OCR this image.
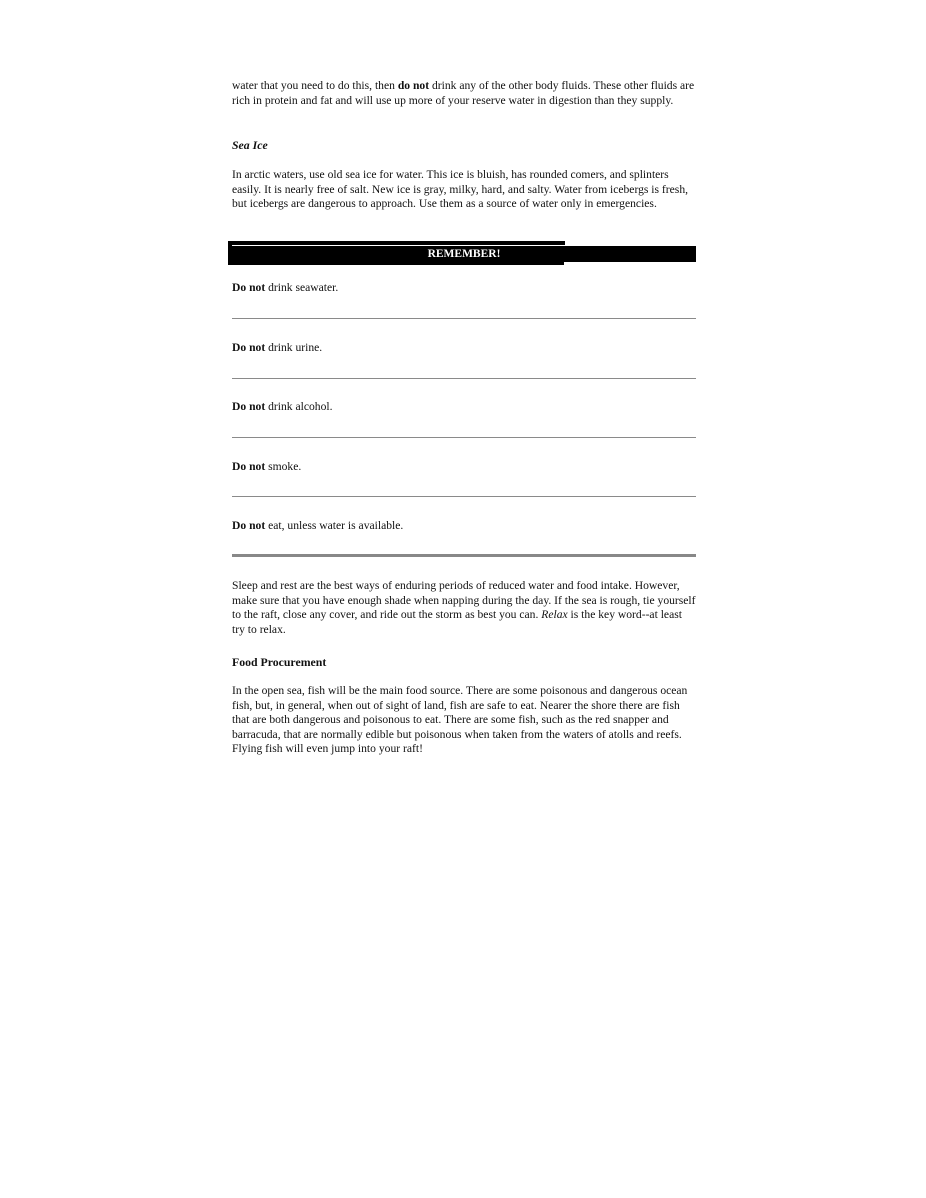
water that you need to do this, then do not drink any of the other body fluids. These other fluids are rich in protein and fat and will use up more of your reserve water in digestion than they supply.

Sea Ice

In arctic waters, use old sea ice for water. This ice is bluish, has rounded comers, and splinters easily. It is nearly free of salt. New ice is gray, milky, hard, and salty. Water from icebergs is fresh, but icebergs are dangerous to approach. Use them as a source of water only in emergencies.

REMEMBER!
Do not drink seawater.
Do not drink urine.
Do not drink alcohol.
Do not smoke.
Do not eat, unless water is available.

Sleep and rest are the best ways of enduring periods of reduced water and food intake. However, make sure that you have enough shade when napping during the day. If the sea is rough, tie yourself to the raft, close any cover, and ride out the storm as best you can. Relax is the key word--at least try to relax.

Food Procurement

In the open sea, fish will be the main food source. There are some poisonous and dangerous ocean fish, but, in general, when out of sight of land, fish are safe to eat. Nearer the shore there are fish that are both dangerous and poisonous to eat. There are some fish, such as the red snapper and barracuda, that are normally edible but poisonous when taken from the waters of atolls and reefs. Flying fish will even jump into your raft!
